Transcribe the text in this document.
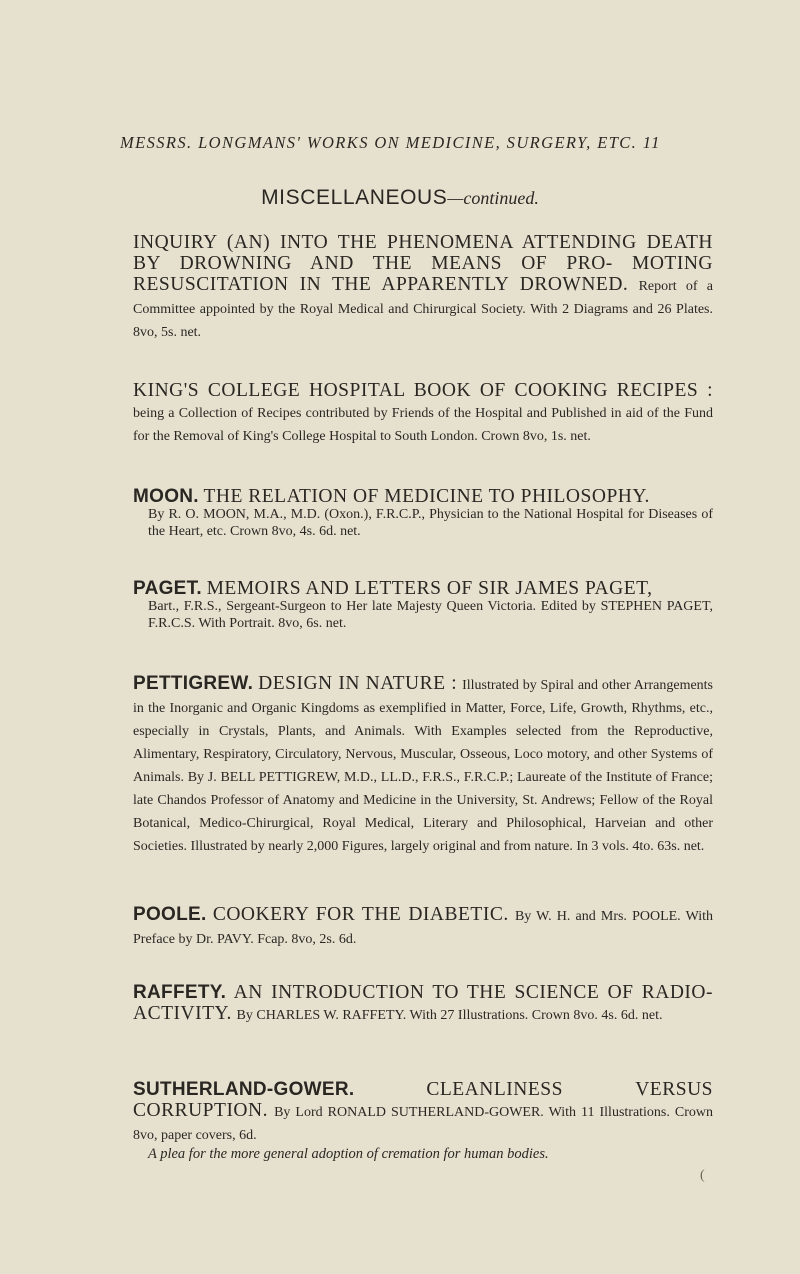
MESSRS. LONGMANS' WORKS ON MEDICINE, SURGERY, ETC. 11
MISCELLANEOUS—continued.

INQUIRY (AN) INTO THE PHENOMENA ATTENDING DEATH BY DROWNING AND THE MEANS OF PRO- MOTING RESUSCITATION IN THE APPARENTLY DROWNED. Report of a Committee appointed by the Royal Medical and Chirurgical Society. With 2 Diagrams and 26 Plates. 8vo, 5s. net.

KING'S COLLEGE HOSPITAL BOOK OF COOKING RECIPES : being a Collection of Recipes contributed by Friends of the Hospital and Published in aid of the Fund for the Removal of King's College Hospital to South London. Crown 8vo, 1s. net.

MOON. THE RELATION OF MEDICINE TO PHILOSOPHY.

By R. O. MOON, M.A., M.D. (Oxon.), F.R.C.P., Physician to the National Hospital for Diseases of the Heart, etc. Crown 8vo, 4s. 6d. net.

PAGET. MEMOIRS AND LETTERS OF SIR JAMES PAGET,

Bart., F.R.S., Sergeant-Surgeon to Her late Majesty Queen Victoria. Edited by STEPHEN PAGET, F.R.C.S. With Portrait. 8vo, 6s. net.

PETTIGREW. DESIGN IN NATURE : Illustrated by Spiral and other Arrangements in the Inorganic and Organic Kingdoms as exemplified in Matter, Force, Life, Growth, Rhythms, etc., especially in Crystals, Plants, and Animals. With Examples selected from the Reproductive, Alimentary, Respiratory, Circulatory, Nervous, Muscular, Osseous, Loco motory, and other Systems of Animals. By J. BELL PETTIGREW, M.D., LL.D., F.R.S., F.R.C.P.; Laureate of the Institute of France; late Chandos Professor of Anatomy and Medicine in the University, St. Andrews; Fellow of the Royal Botanical, Medico-Chirurgical, Royal Medical, Literary and Philosophical, Harveian and other Societies. Illustrated by nearly 2,000 Figures, largely original and from nature. In 3 vols. 4to. 63s. net.

POOLE. COOKERY FOR THE DIABETIC. By W. H. and Mrs. POOLE. With Preface by Dr. PAVY. Fcap. 8vo, 2s. 6d.

RAFFETY. AN INTRODUCTION TO THE SCIENCE OF RADIO-ACTIVITY. By CHARLES W. RAFFETY. With 27 Illustrations. Crown 8vo. 4s. 6d. net.

SUTHERLAND-GOWER.	CLEANLINESS VERSUS CORRUPTION. By Lord RONALD SUTHERLAND-GOWER. With 11 Illustrations. Crown 8vo, paper covers, 6d.

A plea for the more general adoption of cremation for human bodies.

(
